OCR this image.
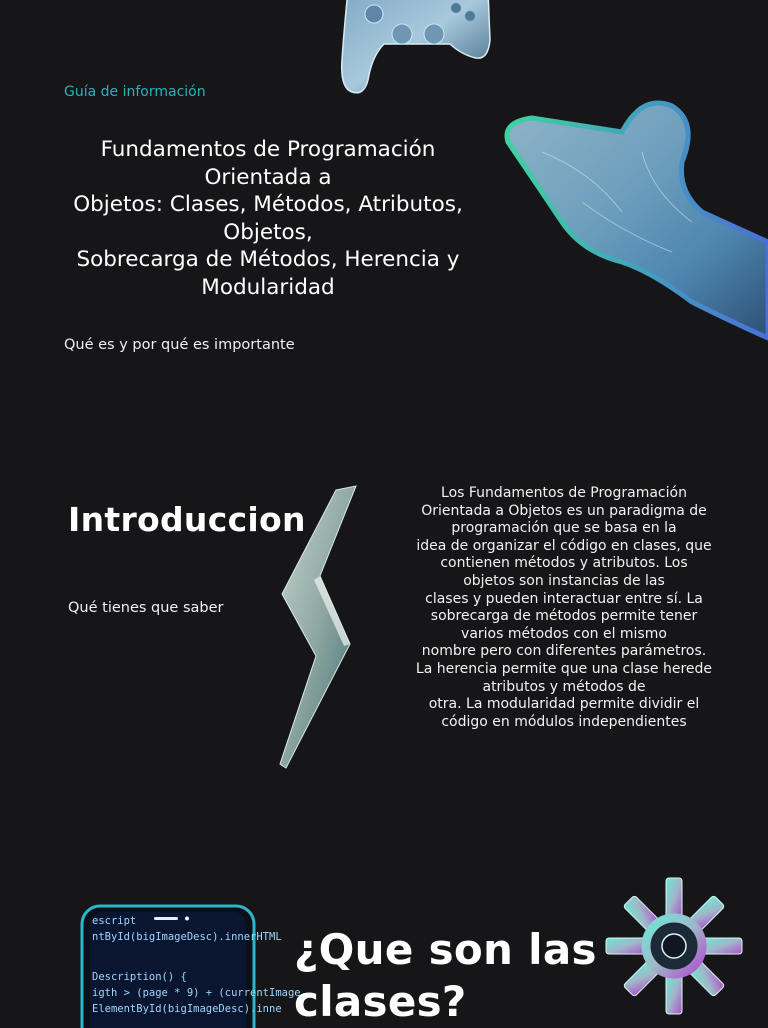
Guía de información
Fundamentos de Programación
Orientada a
Objetos: Clases, Métodos, Atributos,
Objetos,
Sobrecarga de Métodos, Herencia y
Modularidad
Qué es y por qué es importante
Introduccion
Qué tienes que saber
Los Fundamentos de Programación
Orientada a Objetos es un paradigma de
programación que se basa en la
idea de organizar el código en clases, que
contienen métodos y atributos. Los
objetos son instancias de las
clases y pueden interactuar entre sí. La
sobrecarga de métodos permite tener
varios métodos con el mismo
nombre pero con diferentes parámetros.
La herencia permite que una clase herede
atributos y métodos de
otra. La modularidad permite dividir el
código en módulos independientes
escript
ntById(bigImageDesc).innerHTML
Description() {
igth > (page * 9) + (currentImage
ElementById(bigImageDesc).inne
¿Que son las clases?
